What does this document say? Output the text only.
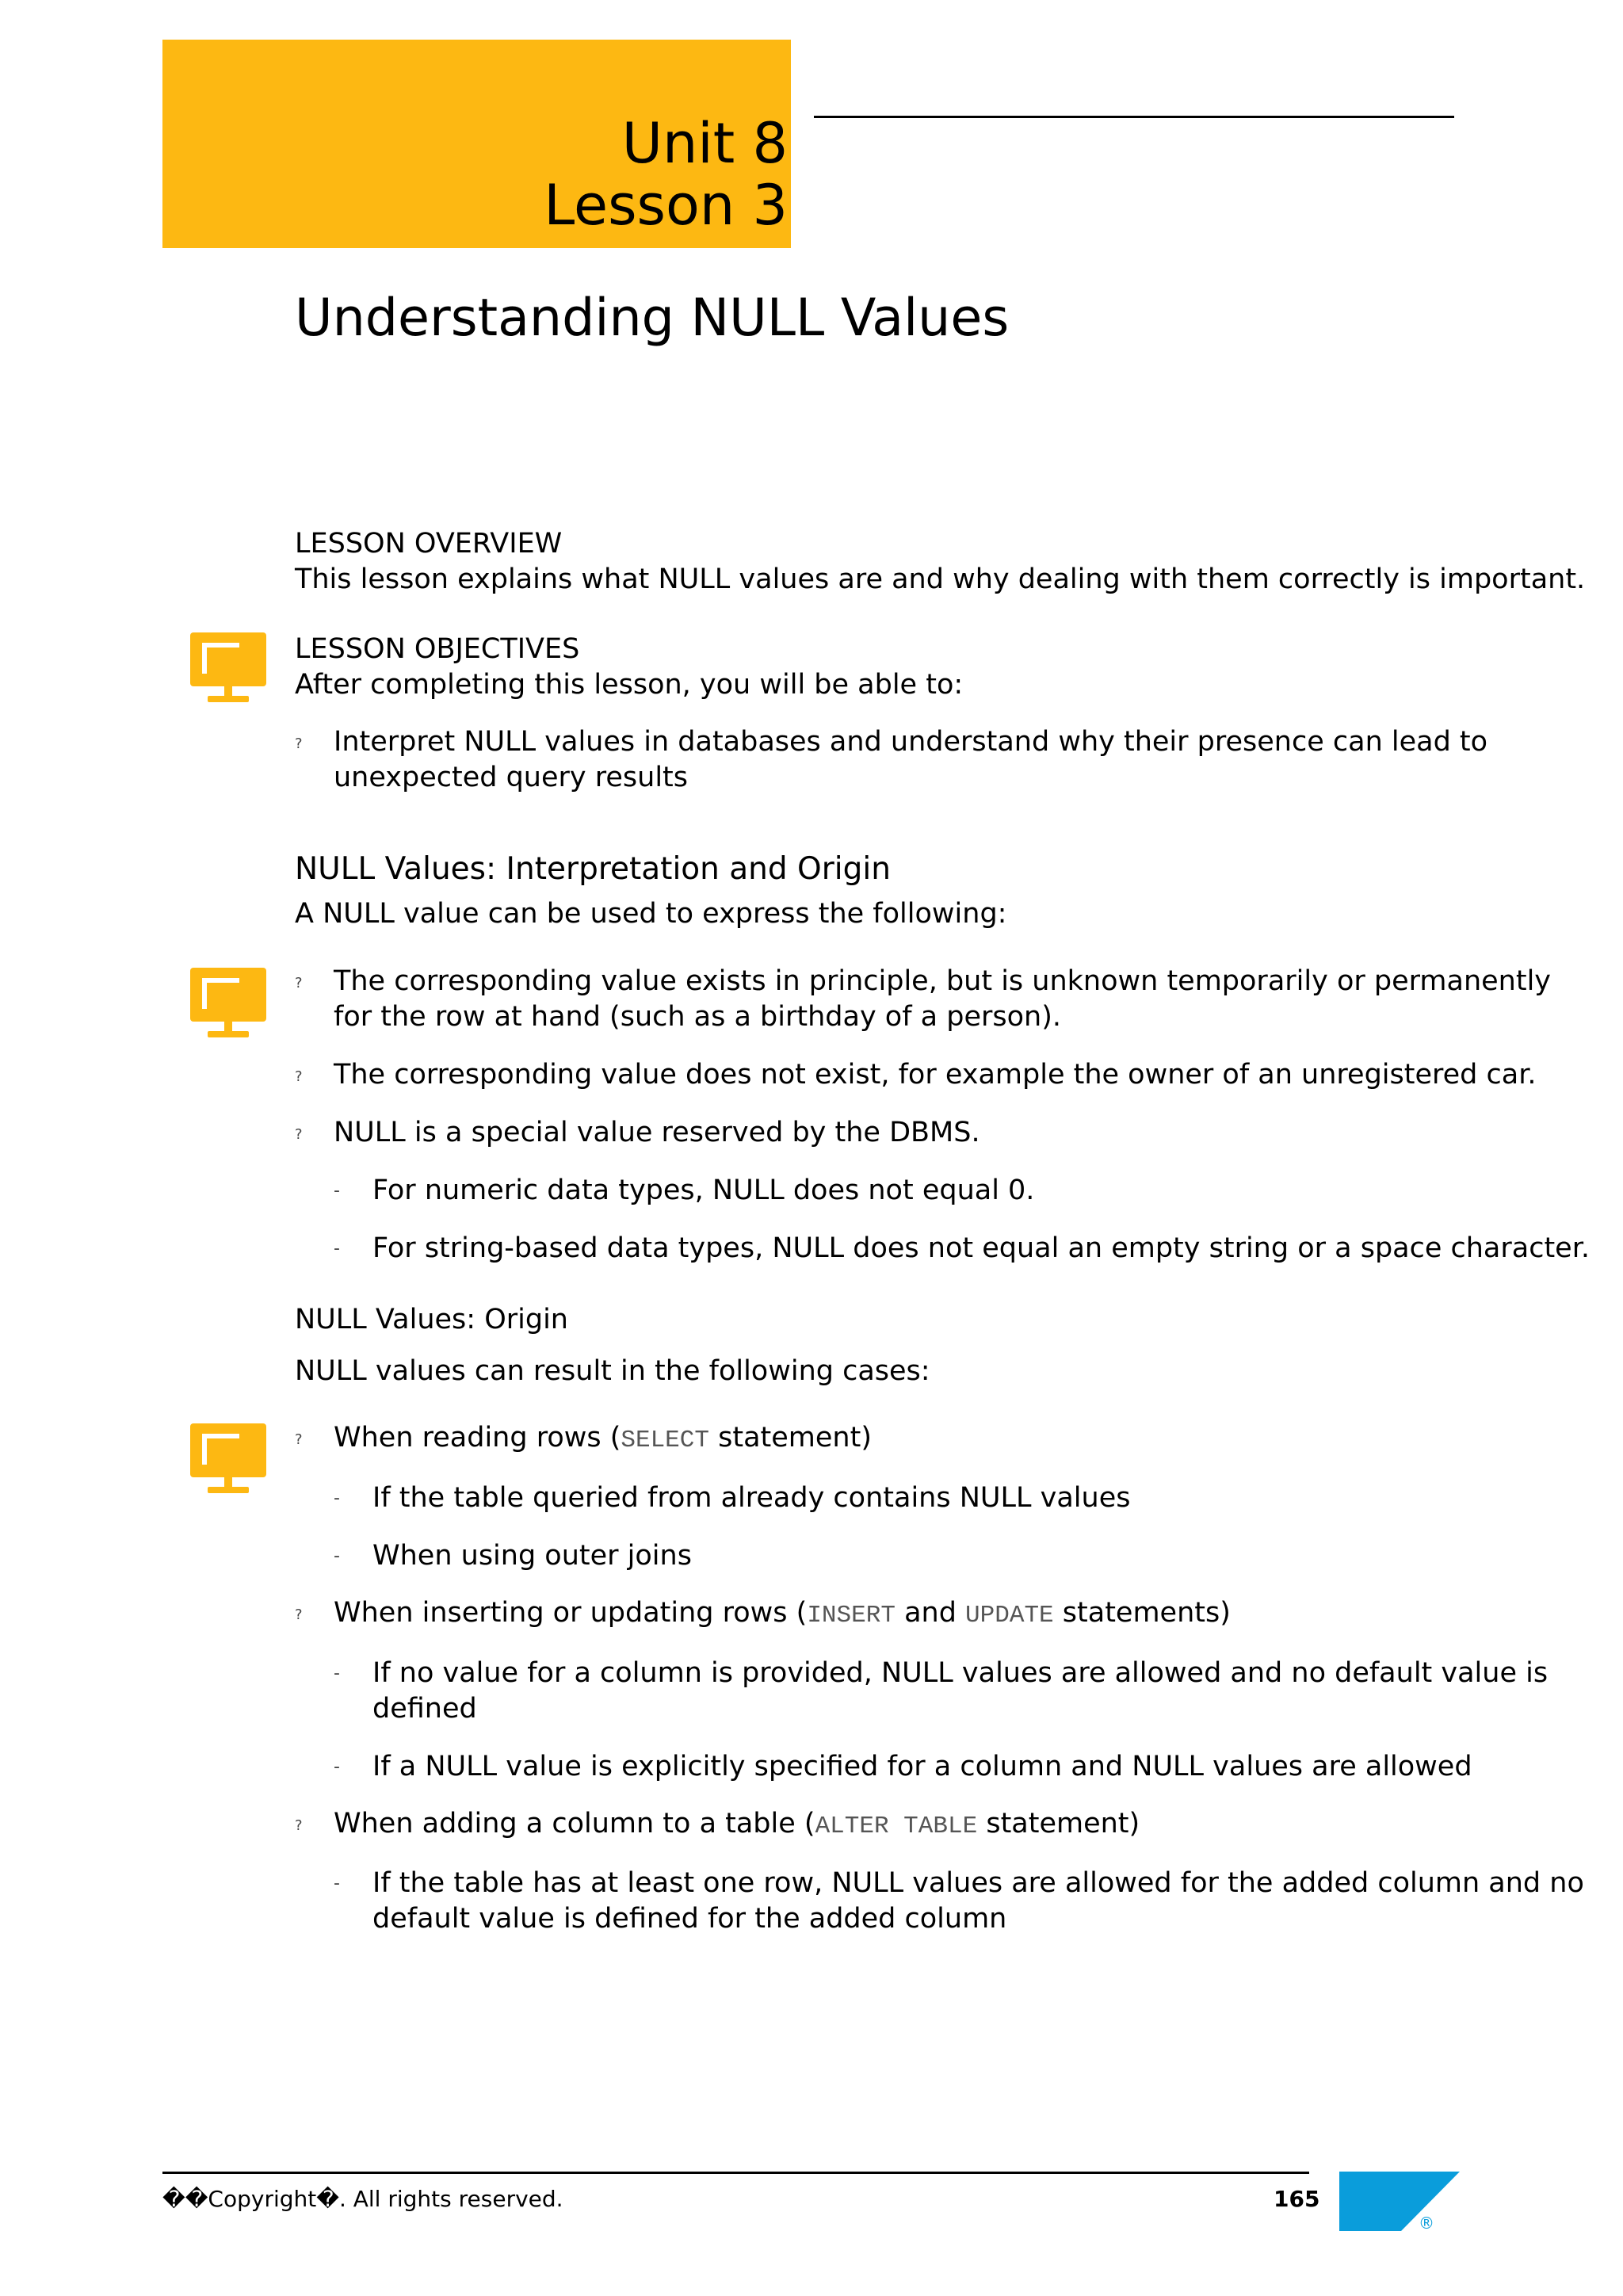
Unit 8
Lesson 3
Understanding NULL Values
LESSON OVERVIEW
This lesson explains what NULL values are and why dealing with them correctly is important.
LESSON OBJECTIVES
After completing this lesson, you will be able to:
? Interpret NULL values in databases and understand why their presence can lead to unexpected query results
NULL Values: Interpretation and Origin
A NULL value can be used to express the following:
? The corresponding value exists in principle, but is unknown temporarily or permanently for the row at hand (such as a birthday of a person).
? The corresponding value does not exist, for example the owner of an unregistered car.
? NULL is a special value reserved by the DBMS.
- For numeric data types, NULL does not equal 0.
- For string-based data types, NULL does not equal an empty string or a space character.
NULL Values: Origin
NULL values can result in the following cases:
? When reading rows (SELECT statement)
- If the table queried from already contains NULL values
- When using outer joins
? When inserting or updating rows (INSERT and UPDATE statements)
- If no value for a column is provided, NULL values are allowed and no default value is defined
- If a NULL value is explicitly specified for a column and NULL values are allowed
? When adding a column to a table (ALTER TABLE statement)
- If the table has at least one row, NULL values are allowed for the added column and no default value is defined for the added column
��Copyright�. All rights reserved.	165
®
